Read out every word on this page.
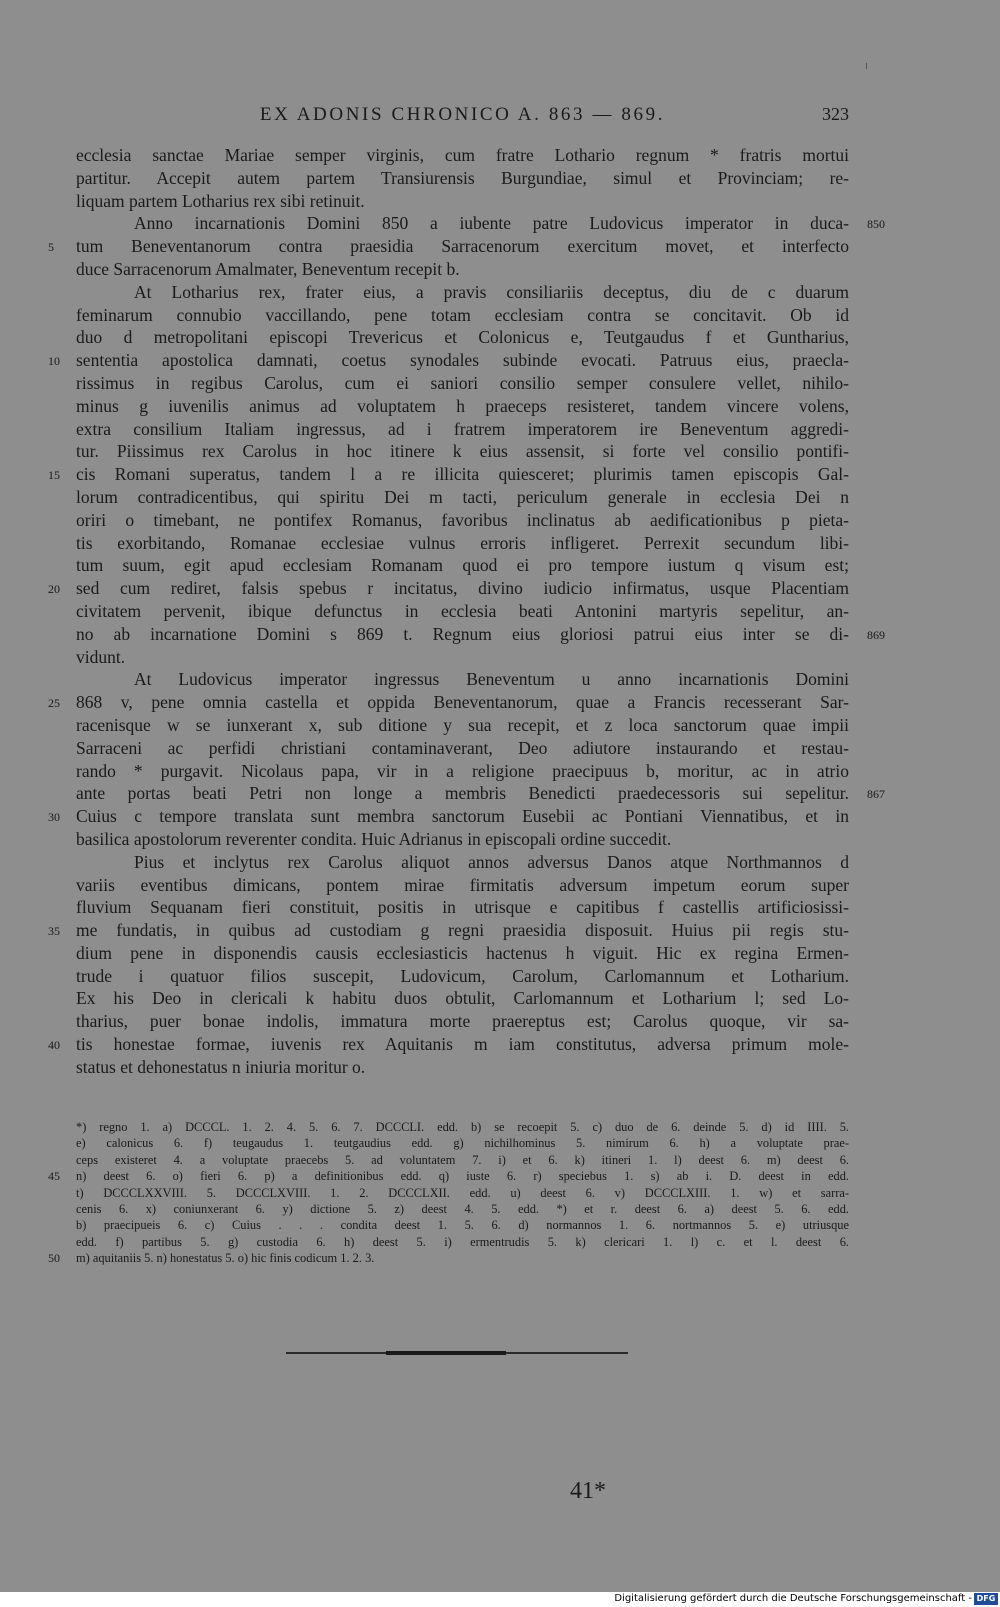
EX ADONIS CHRONICO A. 863 — 869.	323
ecclesia sanctae Mariae semper virginis, cum fratre Lothario regnum * fratris mortui
partitur. Accepit autem partem Transiurensis Burgundiae, simul et Provinciam; re-
liquam partem Lotharius rex sibi retinuit.
Anno incarnationis Domini 850 a iubente patre Ludovicus imperator in duca- 850
tum Beneventanorum contra praesidia Sarracenorum exercitum movet, et interfecto
5
duce Sarracenorum Amalmater, Beneventum recepit b.
At Lotharius rex, frater eius, a pravis consiliariis deceptus, diu de c duarum
feminarum connubio vaccillando, pene totam ecclesiam contra se concitavit. Ob id
duo d metropolitani episcopi Trevericus et Colonicus e, Teutgaudus f et Guntharius,
sententia apostolica damnati, coetus synodales subinde evocati. Patruus eius, praecla-
10
rissimus in regibus Carolus, cum ei saniori consilio semper consulere vellet, nihilo-
minus g iuvenilis animus ad voluptatem h praeceps resisteret, tandem vincere volens,
extra consilium Italiam ingressus, ad i fratrem imperatorem ire Beneventum aggredi-
tur. Piissimus rex Carolus in hoc itinere k eius assensit, si forte vel consilio pontifi-
cis Romani superatus, tandem l a re illicita quiesceret; plurimis tamen episcopis Gal-
15
lorum contradicentibus, qui spiritu Dei m tacti, periculum generale in ecclesia Dei n
oriri o timebant, ne pontifex Romanus, favoribus inclinatus ab aedificationibus p pieta-
tis exorbitando, Romanae ecclesiae vulnus erroris infligeret. Perrexit secundum libi-
tum suum, egit apud ecclesiam Romanam quod ei pro tempore iustum q visum est;
sed cum rediret, falsis spebus r incitatus, divino iudicio infirmatus, usque Placentiam
20
civitatem pervenit, ibique defunctus in ecclesia beati Antonini martyris sepelitur, an-
no ab incarnatione Domini s 869 t. Regnum eius gloriosi patrui eius inter se di- 869
vidunt.
At Ludovicus imperator ingressus Beneventum u anno incarnationis Domini
868 v, pene omnia castella et oppida Beneventanorum, quae a Francis recesserant Sar-
25
racenisque w se iunxerant x, sub ditione y sua recepit, et z loca sanctorum quae impii
Sarraceni ac perfidi christiani contaminaverant, Deo adiutore instaurando et restau-
rando * purgavit. Nicolaus papa, vir in a religione praecipuus b, moritur, ac in atrio
ante portas beati Petri non longe a membris Benedicti praedecessoris sui sepelitur. 867
Cuius c tempore translata sunt membra sanctorum Eusebii ac Pontiani Viennatibus, et in
30
basilica apostolorum reverenter condita. Huic Adrianus in episcopali ordine succedit.
Pius et inclytus rex Carolus aliquot annos adversus Danos atque Northmannos d
variis eventibus dimicans, pontem mirae firmitatis adversum impetum eorum super
fluvium Sequanam fieri constituit, positis in utrisque e capitibus f castellis artificiosissi-
me fundatis, in quibus ad custodiam g regni praesidia disposuit. Huius pii regis stu-
35
dium pene in disponendis causis ecclesiasticis hactenus h viguit. Hic ex regina Ermen-
trude i quatuor filios suscepit, Ludovicum, Carolum, Carlomannum et Lotharium.
Ex his Deo in clericali k habitu duos obtulit, Carlomannum et Lotharium l; sed Lo-
tharius, puer bonae indolis, immatura morte praereptus est; Carolus quoque, vir sa-
tis honestae formae, iuvenis rex Aquitanis m iam constitutus, adversa primum mole-
40
status et dehonestatus n iniuria moritur o.
*) regno 1. a) DCCCL. 1. 2. 4. 5. 6. 7. DCCCLI. edd. b) se recoepit 5. c) duo de 6. deinde 5. d) id IIII. 5.
e) calonicus 6. f) teugaudus 1. teutgaudius edd. g) nichilhominus 5. nimirum 6. h) a voluptate prae-
ceps existeret 4. a voluptate praecebs 5. ad voluntatem 7. i) et 6. k) itineri 1. l) deest 6. m) deest 6.
n) deest 6. o) fieri 6. p) a definitionibus edd. q) iuste 6. r) speciebus 1. s) ab i. D. deest in edd.
45
t) DCCCLXXVIII. 5. DCCCLXVIII. 1. 2. DCCCLXII. edd. u) deest 6. v) DCCCLXIII. 1. w) et sarra-
cenis 6. x) coniunxerant 6. y) dictione 5. z) deest 4. 5. edd. *) et r. deest 6. a) deest 5. 6. edd.
b) praecipueis 6. c) Cuius . . . condita deest 1. 5. 6. d) normannos 1. 6. nortmannos 5. e) utriusque
edd. f) partibus 5. g) custodia 6. h) deest 5. i) ermentrudis 5. k) clericari 1. l) c. et l. deest 6.
m) aquitaniis 5. n) honestatus 5. o) hic finis codicum 1. 2. 3.
50
41*
Digitalisierung gefördert durch die Deutsche Forschungsgemeinschaft - DFG
